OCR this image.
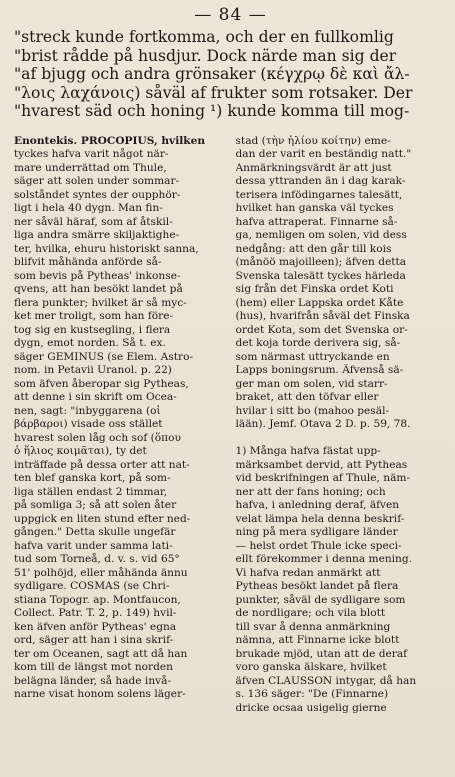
— 84 —
"streck kunde fortkomma, och der en fullkomlig
"brist rådde på husdjur. Dock närde man sig der
"af bjugg och andra grönsaker (κέγχρῳ δὲ καὶ ἄλ-
"λοις λαχάνοις) såväl af frukter som rotsaker. Der
"hvarest säd och honing ¹) kunde komma till mog-
Enontekis. PROCOPIUS, hvilken
tyckes hafva varit något när-
mare underrättad om Thule,
säger att solen under sommar-
solståndet syntes der oupphör-
ligt i hela 40 dygn. Man fin-
ner såväl häraf, som af åtskil-
liga andra smärre skiljaktighe-
ter, hvilka, ehuru historiskt sanna,
blifvit måhända anförde så-
som bevis på Pytheas' inkonse-
qvens, att han besökt landet på
flera punkter; hvilket är så myc-
ket mer troligt, som han före-
tog sig en kustsegling, i flera
dygn, emot norden. Så t. ex.
säger GEMINUS (se Elem. Astro-
nom. in Petavii Uranol. p. 22)
som äfven åberopar sig Pytheas,
att denne i sin skrift om Ocea-
nen, sagt: "inbyggarena (οἱ
βάρβαροι) visade oss stället
hvarest solen låg och sof (ὅπου
ὁ ἥλιος κοιμᾶται), ty det
inträffade på dessa orter att nat-
ten blef ganska kort, på som-
liga ställen endast 2 timmar,
på somliga 3; så att solen åter
uppgick en liten stund efter ned-
gången." Detta skulle ungefär
hafva varit under samma lati-
tud som Torneå, d. v. s. vid 65°
51' polhöjd, eller måhända ännu
sydligare. COSMAS (se Chri-
stiana Topogr. ap. Montfaucon,
Collect. Patr. T. 2, p. 149) hvil-
ken äfven anför Pytheas' egna
ord, säger att han i sina skrif-
ter om Oceanen, sagt att då han
kom till de längst mot norden
belägna länder, så hade invå-
narne visat honom solens läger-
stad (τὴν ἡλίου κοίτην) eme-
dan der varit en beständig natt."
Anmärkningsvärdt är att just
dessa yttranden än i dag karak-
terisera infödingarnes talesätt,
hvilket han ganska väl tyckes
hafva attraperat. Finnarne så-
ga, nemligen om solen, vid dess
nedgång: att den går till kois
(månöö majoilleen); äfven detta
Svenska talesätt tyckes härleda
sig från det Finska ordet Koti
(hem) eller Lappska ordet Kåte
(hus), hvarifrån såväl det Finska
ordet Kota, som det Svenska or-
det koja torde derivera sig, så-
som närmast uttryckande en
Lapps boningsrum. Äfvenså sä-
ger man om solen, vid starr-
braket, att den töfvar eller
hvilar i sitt bo (mahoo pesäl-
lään). Jemf. Otava 2 D. p. 59, 78.

1) Många hafva fästat upp-
märksambet dervid, att Pytheas
vid beskrifningen af Thule, näm-
ner att der fans honing; och
hafva, i anledning deraf, äfven
velat lämpa hela denna beskrif-
ning på mera sydligare länder
— helst ordet Thule icke speci-
ellt förekommer i denna mening.
Vi hafva redan anmärkt att
Pytheas besökt landet på flera
punkter, såväl de sydligare som
de nordligare; och vila blott
till svar å denna anmärkning
nämna, att Finnarne icke blott
brukade mjöd, utan att de deraf
voro ganska älskare, hvilket
äfven CLAUSSON intygar, då han
s. 136 säger: "De (Finnarne)
dricke ocsaa usigelig gierne
